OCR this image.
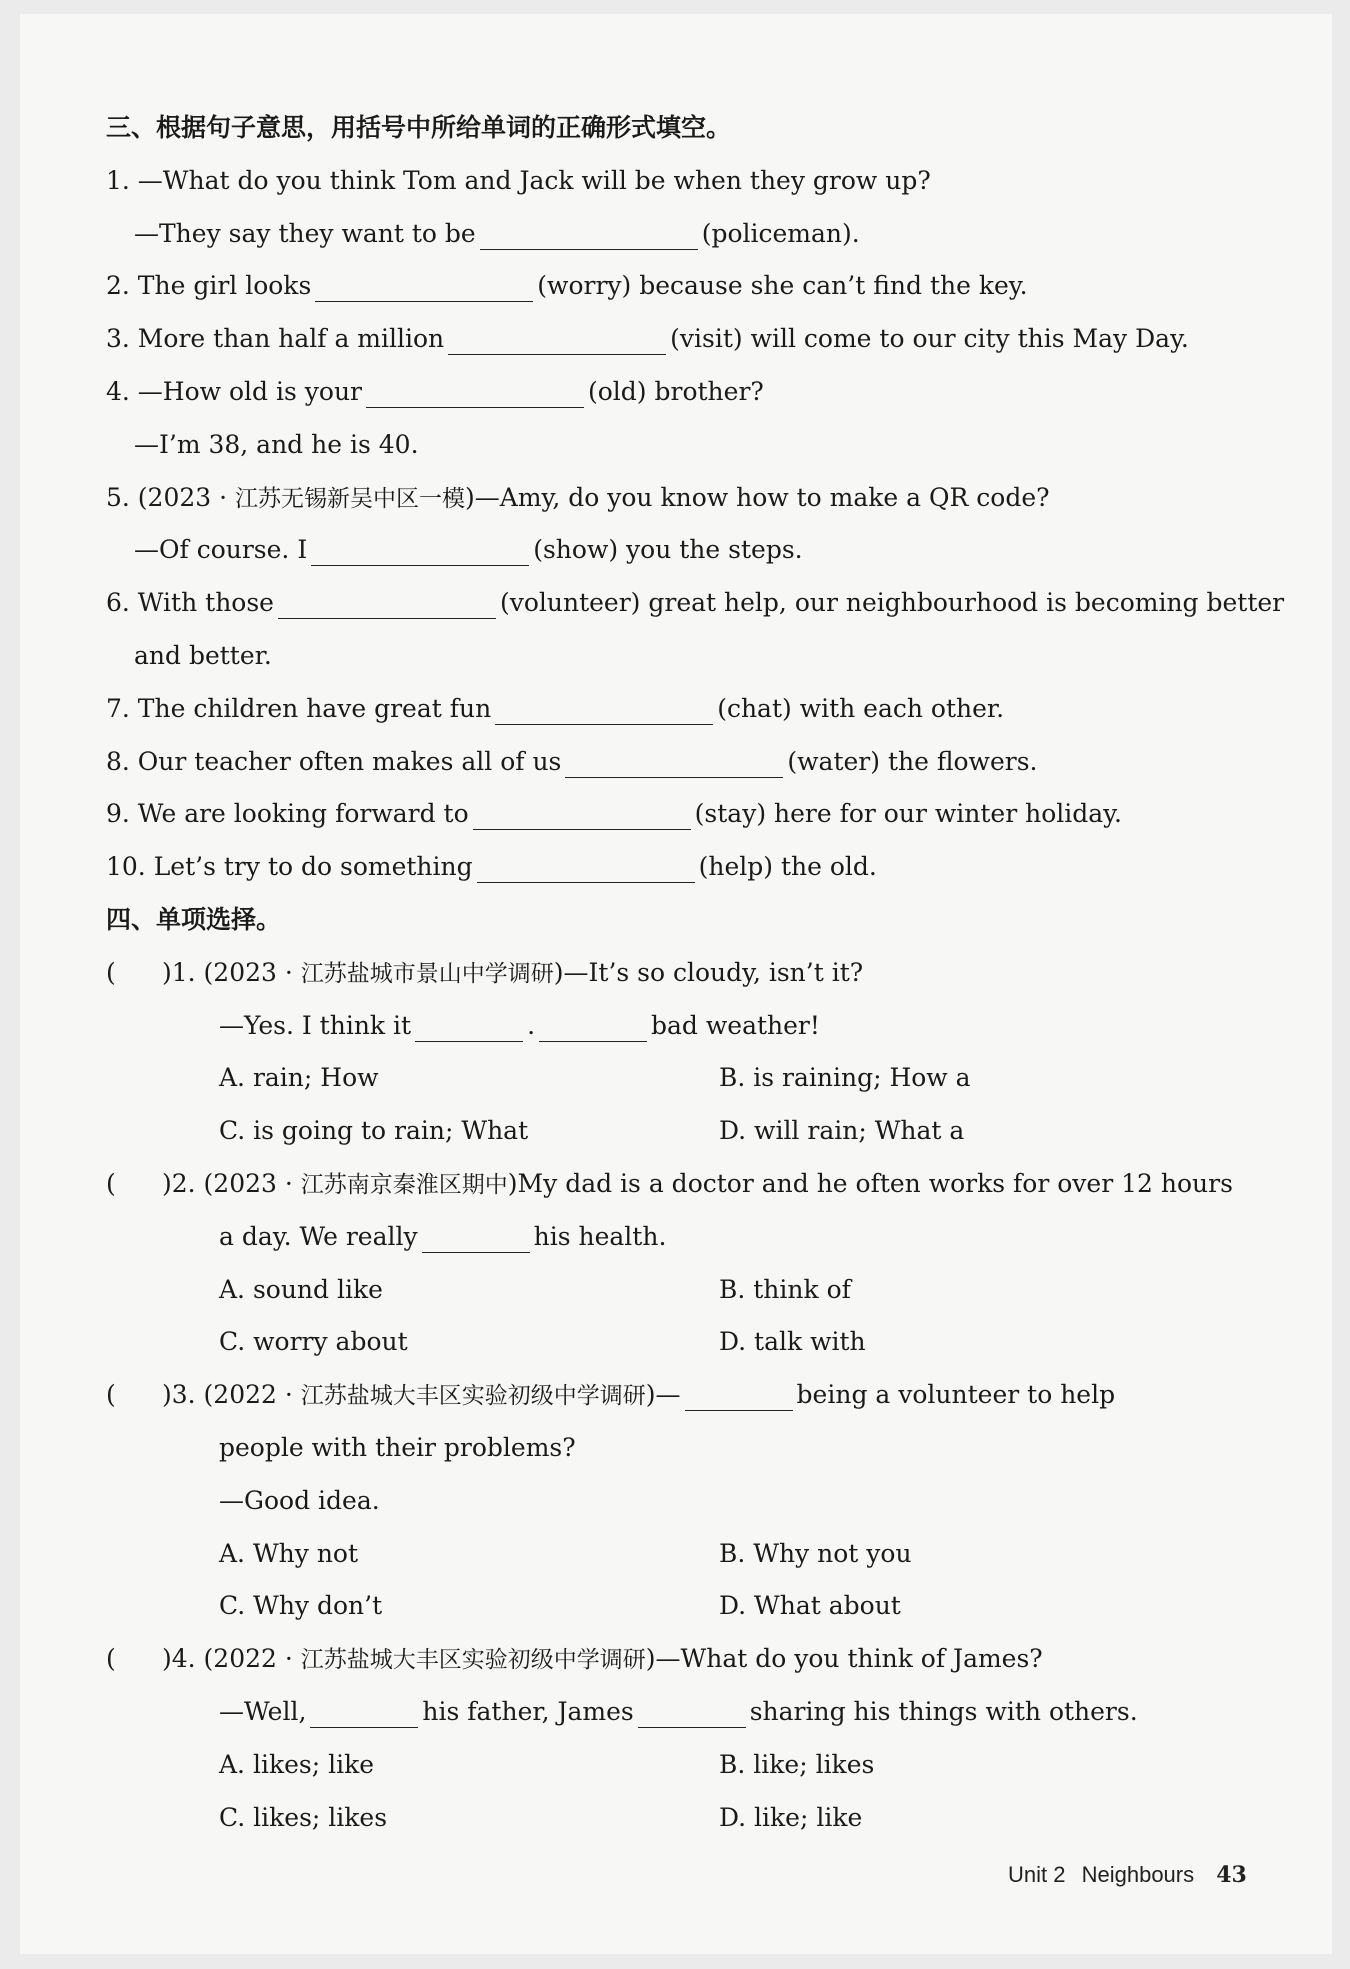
三、根据句子意思，用括号中所给单词的正确形式填空。
1. —What do you think Tom and Jack will be when they grow up?
—They say they want to be	(policeman).
2. The girl looks	(worry) because she can’t find the key.
3. More than half a million	(visit) will come to our city this May Day.
4. —How old is your	(old) brother?
—I’m 38, and he is 40.
5. (2023 · 江苏无锡新吴中区一模)—Amy, do you know how to make a QR code?
—Of course. I	(show) you the steps.
6. With those	(volunteer) great help, our neighbourhood is becoming better
and better.
7. The children have great fun	(chat) with each other.
8. Our teacher often makes all of us	(water) the flowers.
9. We are looking forward to	(stay) here for our winter holiday.
10. Let’s try to do something	(help) the old.
四、单项选择。
( )1. (2023 · 江苏盐城市景山中学调研)—It’s so cloudy, isn’t it?
—Yes. I think it	.	bad weather!
A. rain; How	B. is raining; How a
C. is going to rain; What	D. will rain; What a
( )2. (2023 · 江苏南京秦淮区期中)My dad is a doctor and he often works for over 12 hours
a day. We really	his health.
A. sound like	B. think of
C. worry about	D. talk with
( )3. (2022 · 江苏盐城大丰区实验初级中学调研)—	being a volunteer to help
people with their problems?
—Good idea.
A. Why not	B. Why not you
C. Why don’t	D. What about
( )4. (2022 · 江苏盐城大丰区实验初级中学调研)—What do you think of James?
—Well,	his father, James	sharing his things with others.
A. likes; like	B. like; likes
C. likes; likes	D. like; like
Unit 2 Neighbours 43
